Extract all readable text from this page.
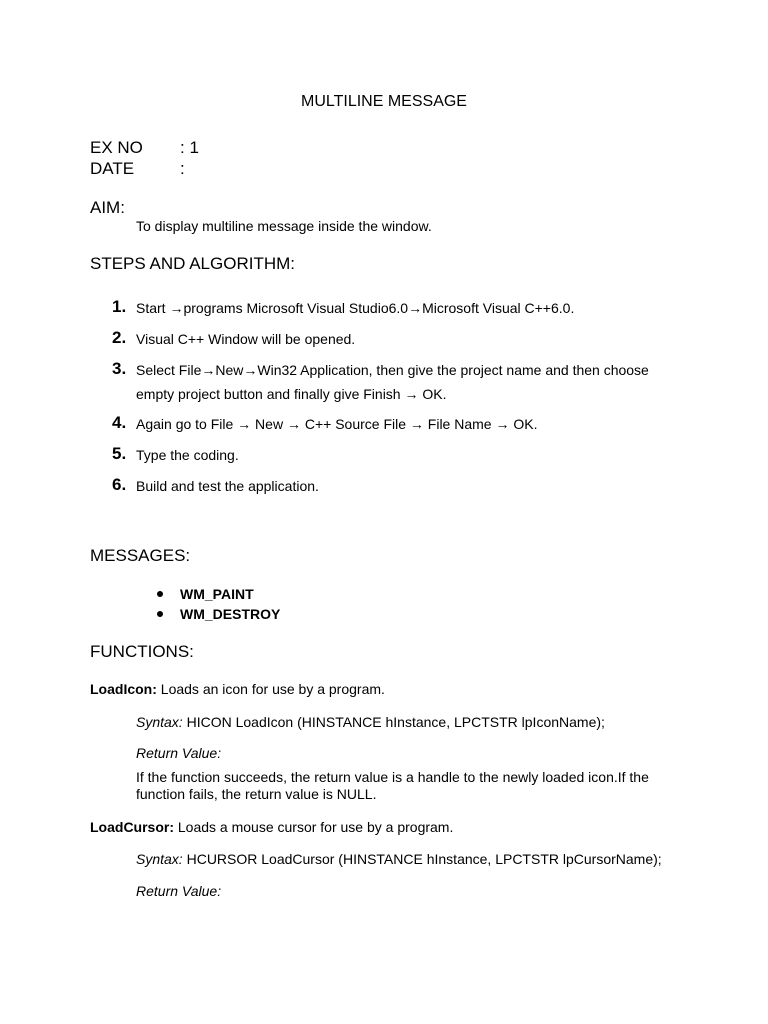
MULTILINE MESSAGE
EX NO : 1
DATE	:
AIM:
To display multiline message inside the window.
STEPS AND ALGORITHM:
1. Start →programs Microsoft Visual Studio6.0→Microsoft Visual C++6.0.
2. Visual C++ Window will be opened.
3. Select File→New→Win32 Application, then give the project name and then choose
empty project button and finally give Finish → OK.
4. Again go to File → New → C++ Source File → File Name → OK.
5. Type the coding.
6. Build and test the application.
MESSAGES:
WM_PAINT
WM_DESTROY
FUNCTIONS:
LoadIcon: Loads an icon for use by a program.
Syntax: HICON LoadIcon (HINSTANCE hInstance, LPCTSTR lpIconName);
Return Value:
If the function succeeds, the return value is a handle to the newly loaded icon.If the
function fails, the return value is NULL.
LoadCursor: Loads a mouse cursor for use by a program.
Syntax: HCURSOR LoadCursor (HINSTANCE hInstance, LPCTSTR lpCursorName);
Return Value:
